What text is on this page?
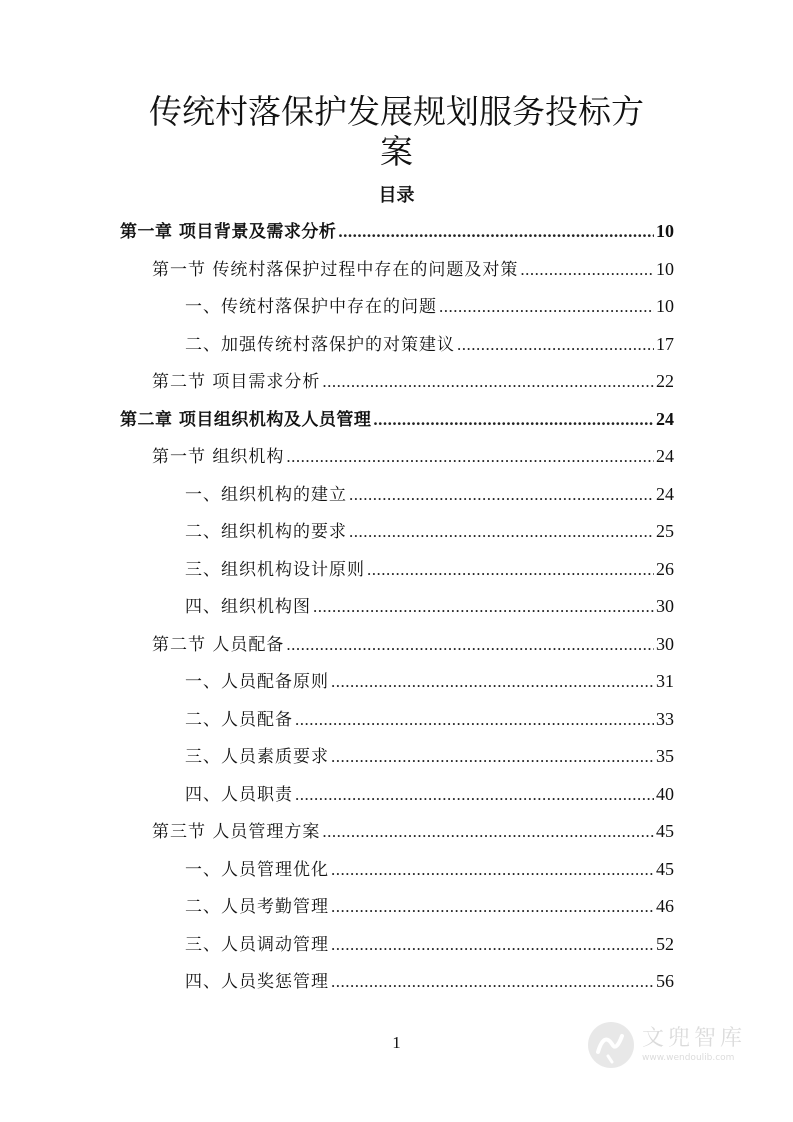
传统村落保护发展规划服务投标方
案
目录
第一章 项目背景及需求分析 .....	10
第一节 传统村落保护过程中存在的问题及对策 .....	10
一、传统村落保护中存在的问题 .....	10
二、加强传统村落保护的对策建议 .....	17
第二节 项目需求分析 .....	22
第二章 项目组织机构及人员管理 .....	24
第一节 组织机构 .....	24
一、组织机构的建立 .....	24
二、组织机构的要求 .....	25
三、组织机构设计原则 .....	26
四、组织机构图 .....	30
第二节 人员配备 .....	30
一、人员配备原则 .....	31
二、人员配备 .....	33
三、人员素质要求 .....	35
四、人员职责 .....	40
第三节 人员管理方案 .....	45
一、人员管理优化 .....	45
二、人员考勤管理 .....	46
三、人员调动管理 .....	52
四、人员奖惩管理 .....	56
1	文兜智库
www.wendoulib.com
